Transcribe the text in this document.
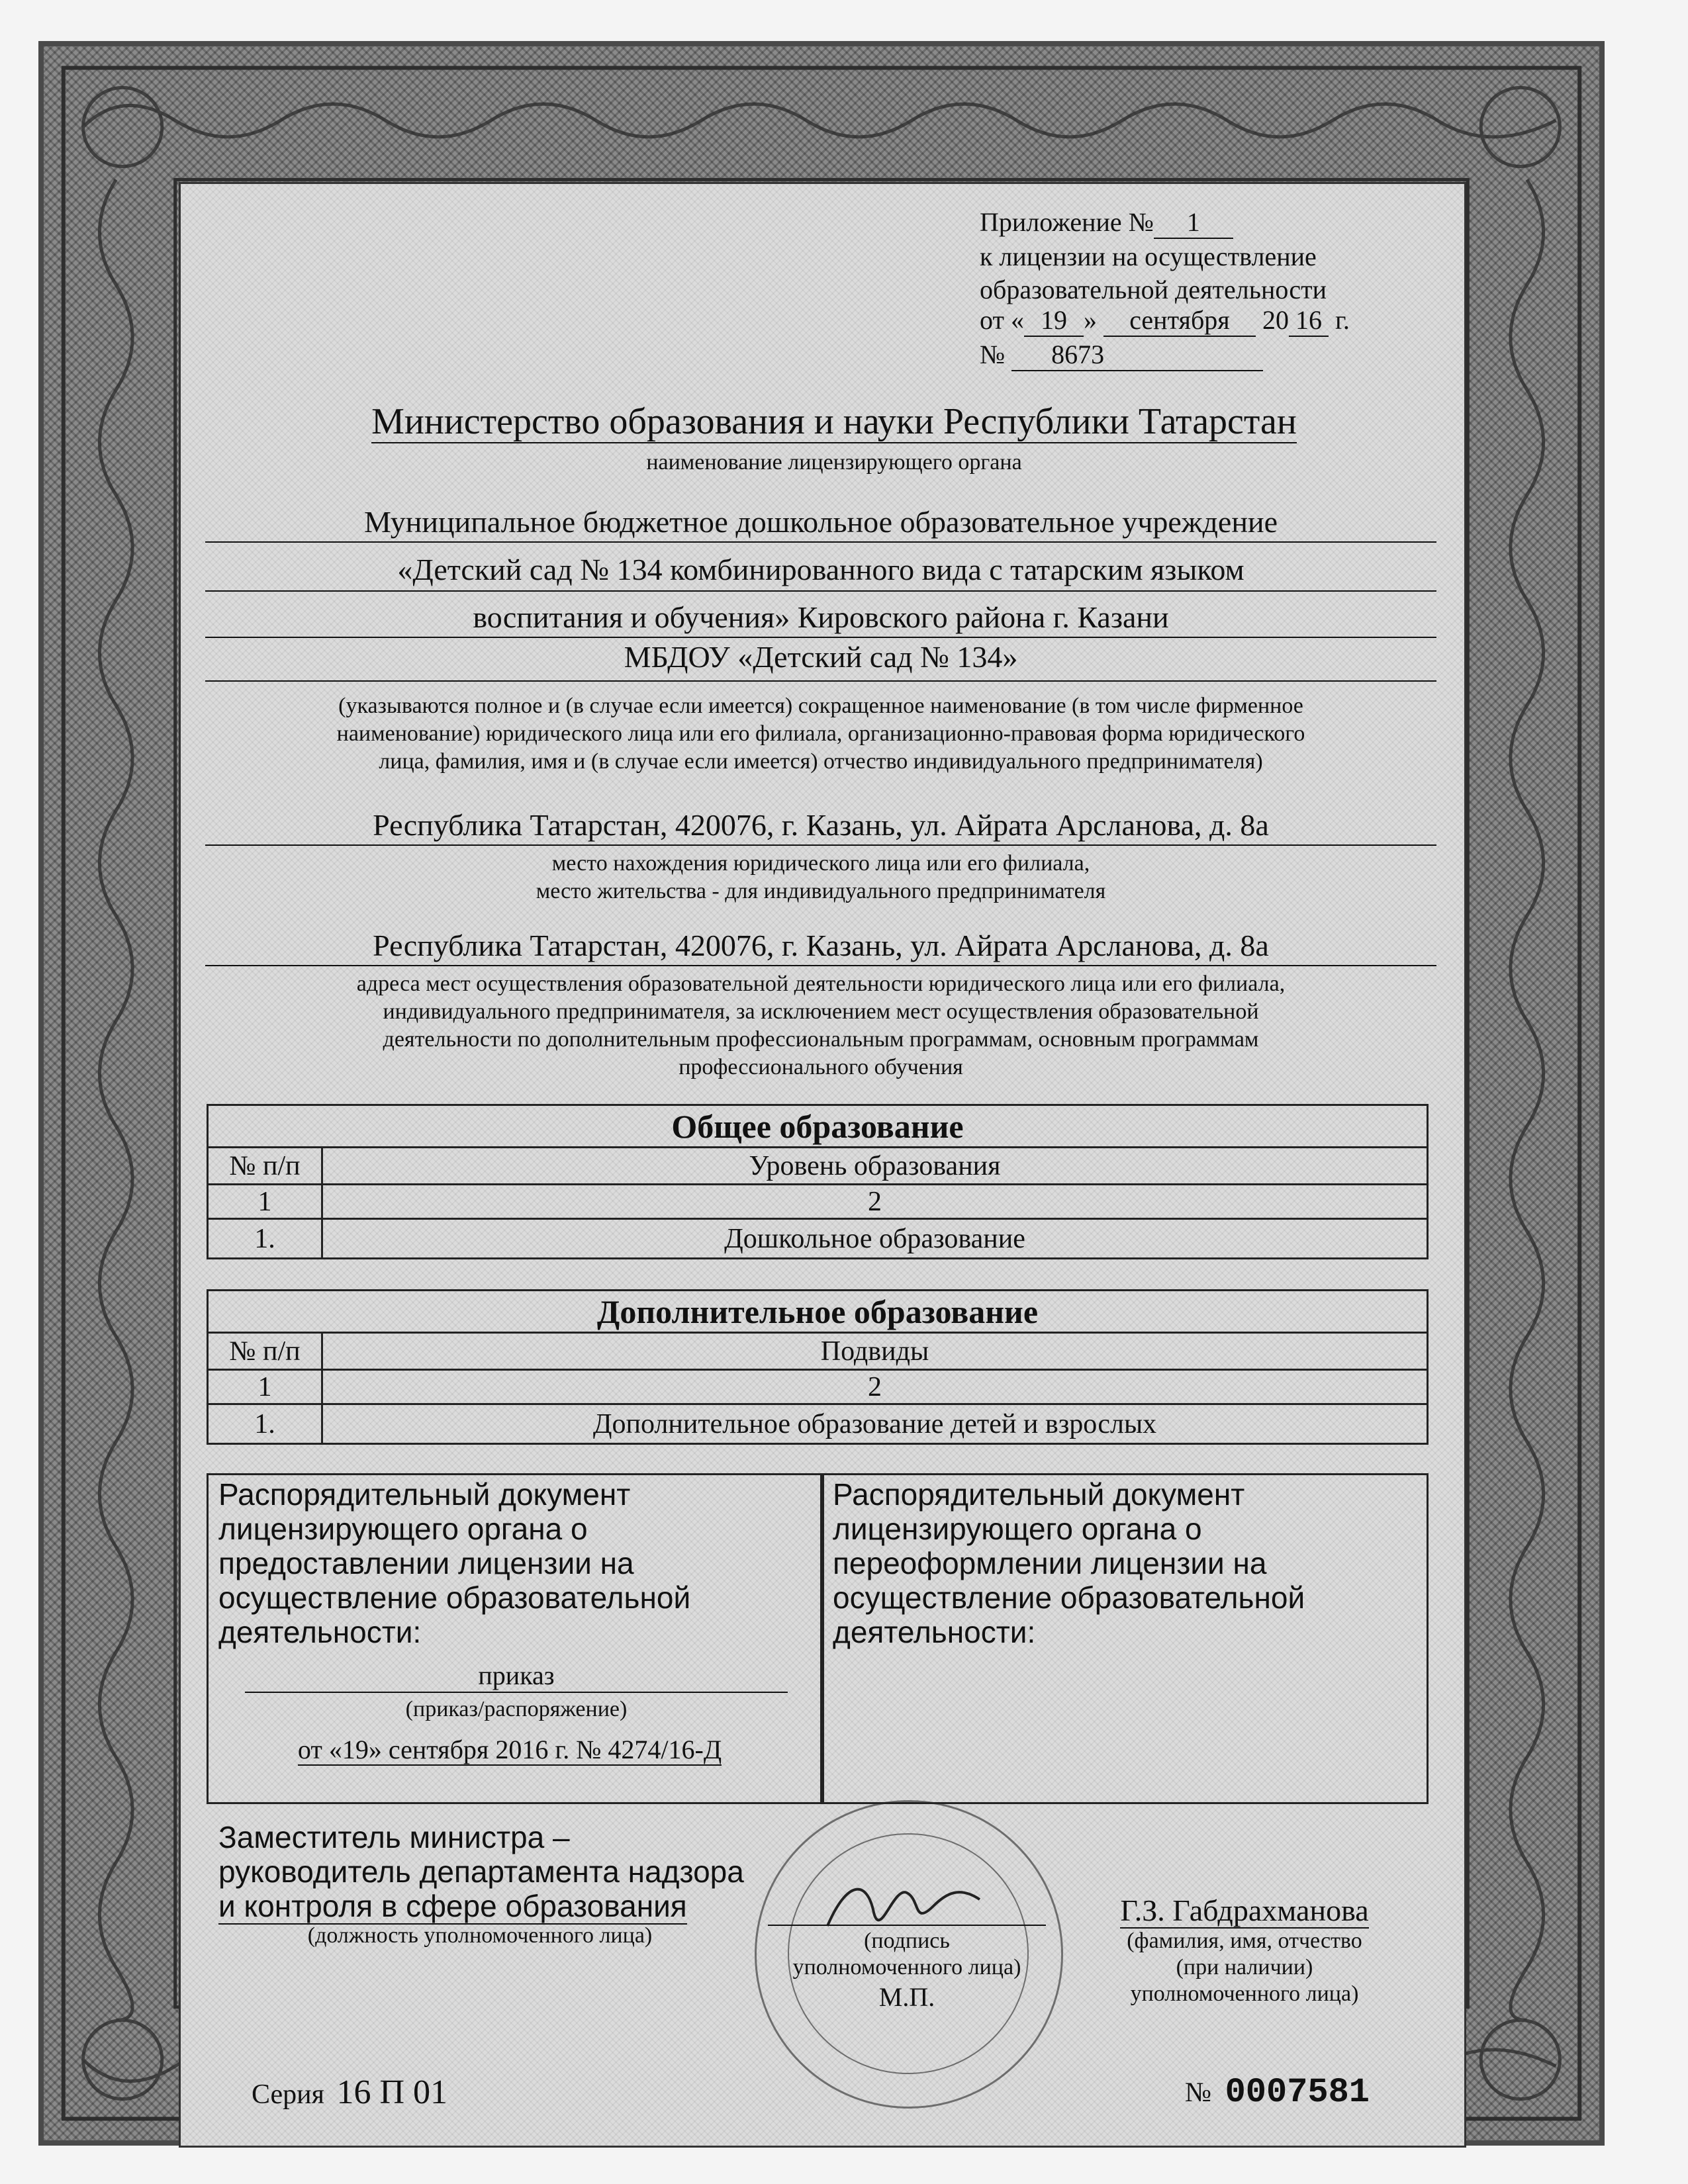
Приложение № 1
к лицензии на осуществление
образовательной деятельности
от « 19 » сентября 20 16 г.
№ 8673
Министерство образования и науки Республики Татарстан
наименование лицензирующего органа
Муниципальное бюджетное дошкольное образовательное учреждение
«Детский сад № 134 комбинированного вида с татарским языком
воспитания и обучения» Кировского района г. Казани
МБДОУ «Детский сад № 134»
(указываются полное и (в случае если имеется) сокращенное наименование (в том числе фирменное
наименование) юридического лица или его филиала, организационно-правовая форма юридического
лица, фамилия, имя и (в случае если имеется) отчество индивидуального предпринимателя)
Республика Татарстан, 420076, г. Казань, ул. Айрата Арсланова, д. 8а
место нахождения юридического лица или его филиала,
место жительства - для индивидуального предпринимателя
Республика Татарстан, 420076, г. Казань, ул. Айрата Арсланова, д. 8а
адреса мест осуществления образовательной деятельности юридического лица или его филиала,
индивидуального предпринимателя, за исключением мест осуществления образовательной
деятельности по дополнительным профессиональным программам, основным программам
профессионального обучения
Общее образование	
№ п/п	Уровень образования
1	2
1.	Дошкольное образование
Дополнительное образование	
№ п/п	Подвиды
1	2
1.	Дополнительное образование детей и взрослых
Распорядительный документ
лицензирующего органа о
предоставлении лицензии на
осуществление образовательной
деятельности:
приказ
(приказ/распоряжение)
от «19» сентября 2016 г. № 4274/16-Д
Распорядительный документ
лицензирующего органа о
переоформлении лицензии на
осуществление образовательной
деятельности:
Заместитель министра –
руководитель департамента надзора
и контроля в сфере образования
(должность уполномоченного лица)	(подпись
уполномоченного лица)
М.П.
Г.З. Габдрахманова
(фамилия, имя, отчество
(при наличии)
уполномоченного лица)
Серия 16 П 01	№ 0007581
